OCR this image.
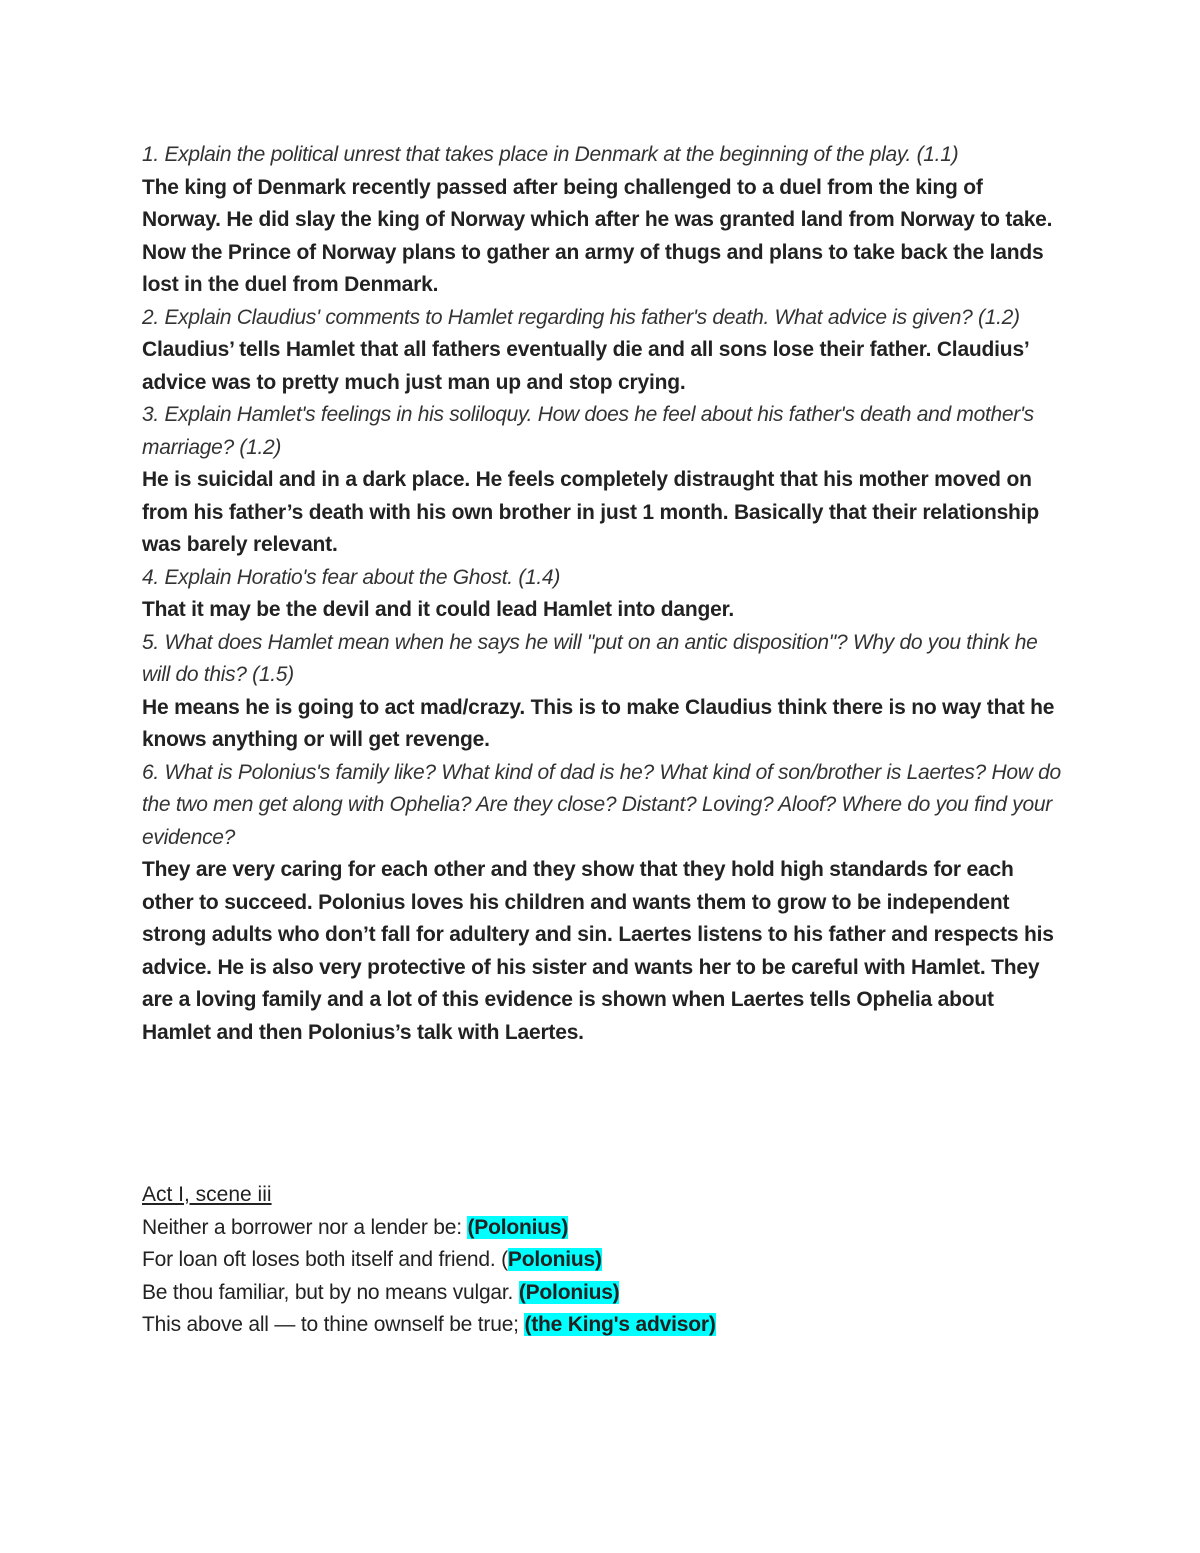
1. Explain the political unrest that takes place in Denmark at the beginning of the play. (1.1)
The king of Denmark recently passed after being challenged to a duel from the king of Norway. He did slay the king of Norway which after he was granted land from Norway to take. Now the Prince of Norway plans to gather an army of thugs and plans to take back the lands lost in the duel from Denmark.
2. Explain Claudius' comments to Hamlet regarding his father's death. What advice is given? (1.2)
Claudius’ tells Hamlet that all fathers eventually die and all sons lose their father. Claudius’ advice was to pretty much just man up and stop crying.
3. Explain Hamlet's feelings in his soliloquy. How does he feel about his father's death and mother's marriage? (1.2)
He is suicidal and in a dark place. He feels completely distraught that his mother moved on from his father’s death with his own brother in just 1 month. Basically that their relationship was barely relevant.
4. Explain Horatio's fear about the Ghost. (1.4)
That it may be the devil and it could lead Hamlet into danger.
5. What does Hamlet mean when he says he will "put on an antic disposition"? Why do you think he will do this? (1.5)
He means he is going to act mad/crazy. This is to make Claudius think there is no way that he knows anything or will get revenge.
6. What is Polonius's family like? What kind of dad is he? What kind of son/brother is Laertes? How do the two men get along with Ophelia? Are they close? Distant? Loving? Aloof? Where do you find your evidence?
They are very caring for each other and they show that they hold high standards for each other to succeed. Polonius loves his children and wants them to grow to be independent strong adults who don’t fall for adultery and sin. Laertes listens to his father and respects his advice. He is also very protective of his sister and wants her to be careful with Hamlet. They are a loving family and a lot of this evidence is shown when Laertes tells Ophelia about Hamlet and then Polonius’s talk with Laertes.
Act I, scene iii
Neither a borrower nor a lender be: (Polonius)
For loan oft loses both itself and friend. (Polonius)
Be thou familiar, but by no means vulgar. (Polonius)
This above all — to thine ownself be true; (the King's advisor)
